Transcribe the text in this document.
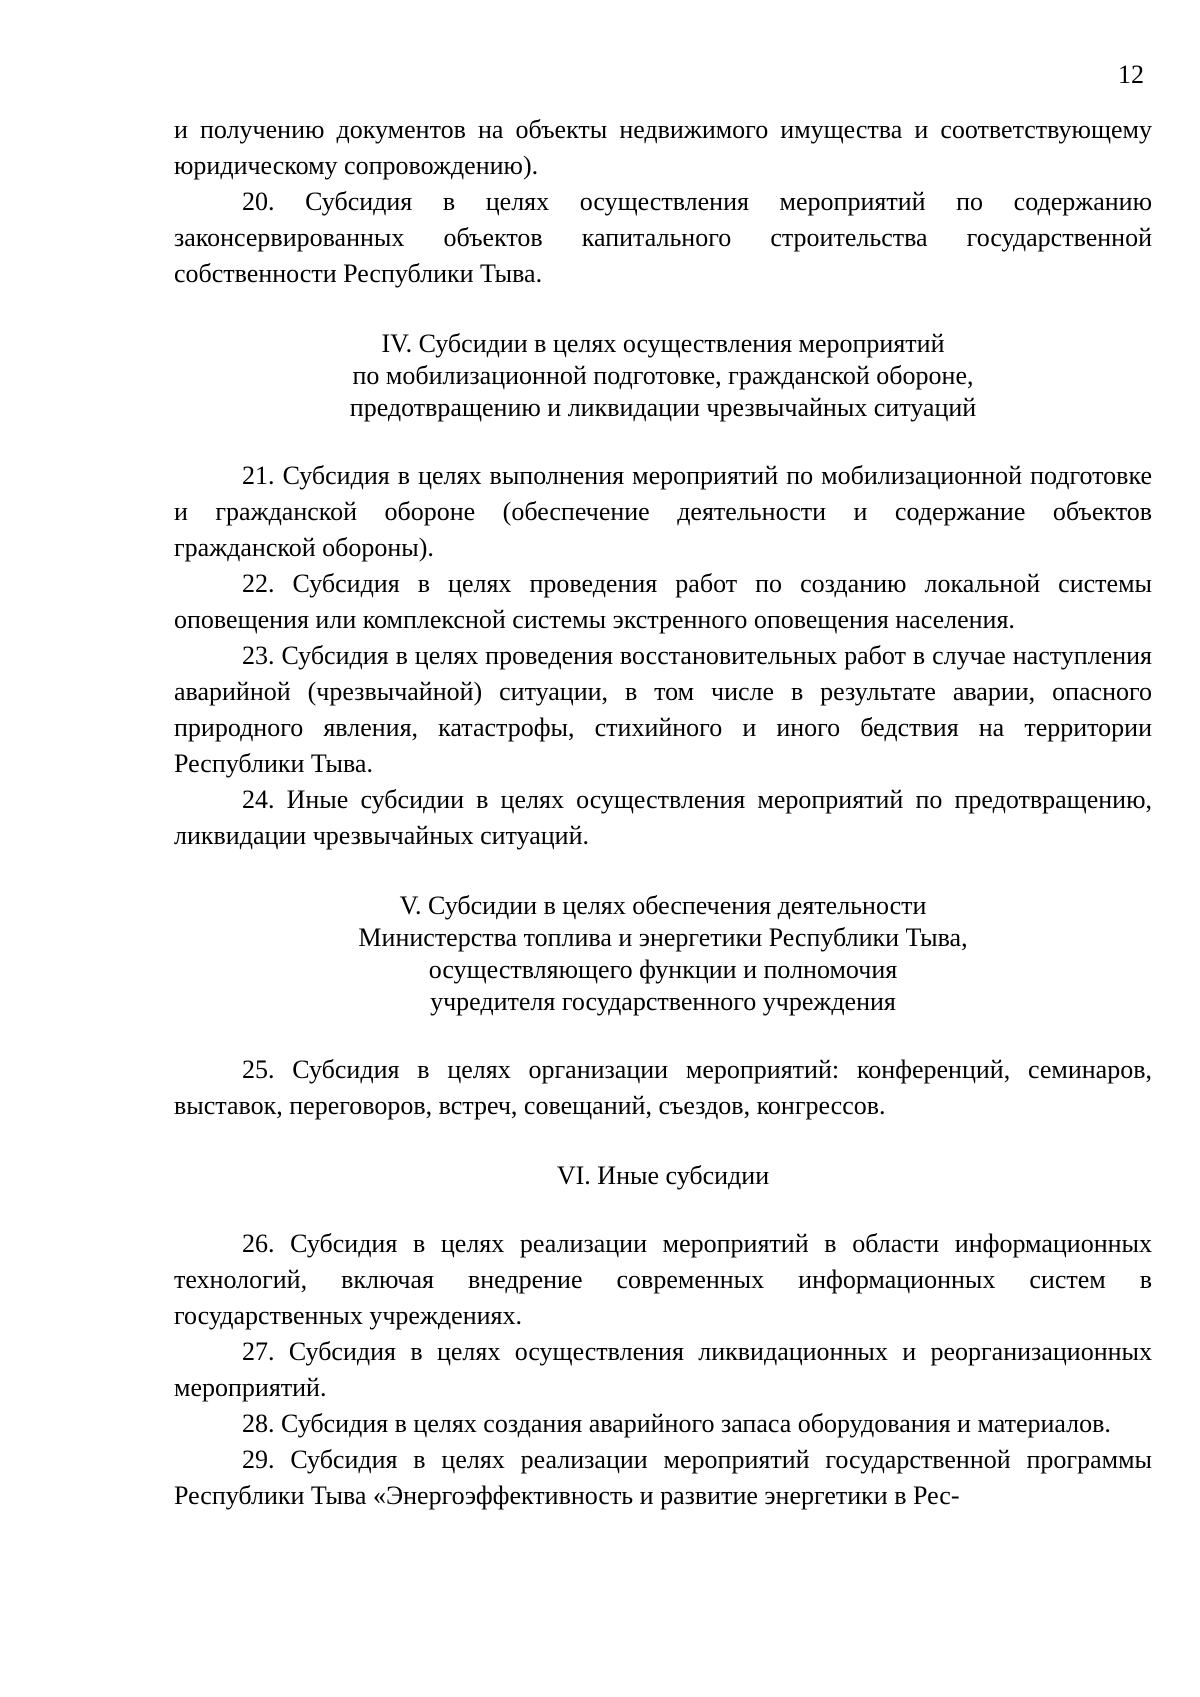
12

и получению документов на объекты недвижимого имущества и соответствующему юридическому сопровождению).

20. Субсидия в целях осуществления мероприятий по содержанию законсервированных объектов капитального строительства государственной собственности Республики Тыва.

IV. Субсидии в целях осуществления мероприятий
по мобилизационной подготовке, гражданской обороне,
предотвращению и ликвидации чрезвычайных ситуаций

21. Субсидия в целях выполнения мероприятий по мобилизационной подготовке и гражданской обороне (обеспечение деятельности и содержание объектов гражданской обороны).

22. Субсидия в целях проведения работ по созданию локальной системы оповещения или комплексной системы экстренного оповещения населения.

23. Субсидия в целях проведения восстановительных работ в случае наступления аварийной (чрезвычайной) ситуации, в том числе в результате аварии, опасного природного явления, катастрофы, стихийного и иного бедствия на территории Республики Тыва.

24. Иные субсидии в целях осуществления мероприятий по предотвращению, ликвидации чрезвычайных ситуаций.

V. Субсидии в целях обеспечения деятельности
Министерства топлива и энергетики Республики Тыва,
осуществляющего функции и полномочия
учредителя государственного учреждения

25. Субсидия в целях организации мероприятий: конференций, семинаров, выставок, переговоров, встреч, совещаний, съездов, конгрессов.

VI. Иные субсидии

26. Субсидия в целях реализации мероприятий в области информационных технологий, включая внедрение современных информационных систем в государственных учреждениях.

27. Субсидия в целях осуществления ликвидационных и реорганизационных мероприятий.

28. Субсидия в целях создания аварийного запаса оборудования и материалов.

29. Субсидия в целях реализации мероприятий государственной программы Республики Тыва «Энергоэффективность и развитие энергетики в Рес-
